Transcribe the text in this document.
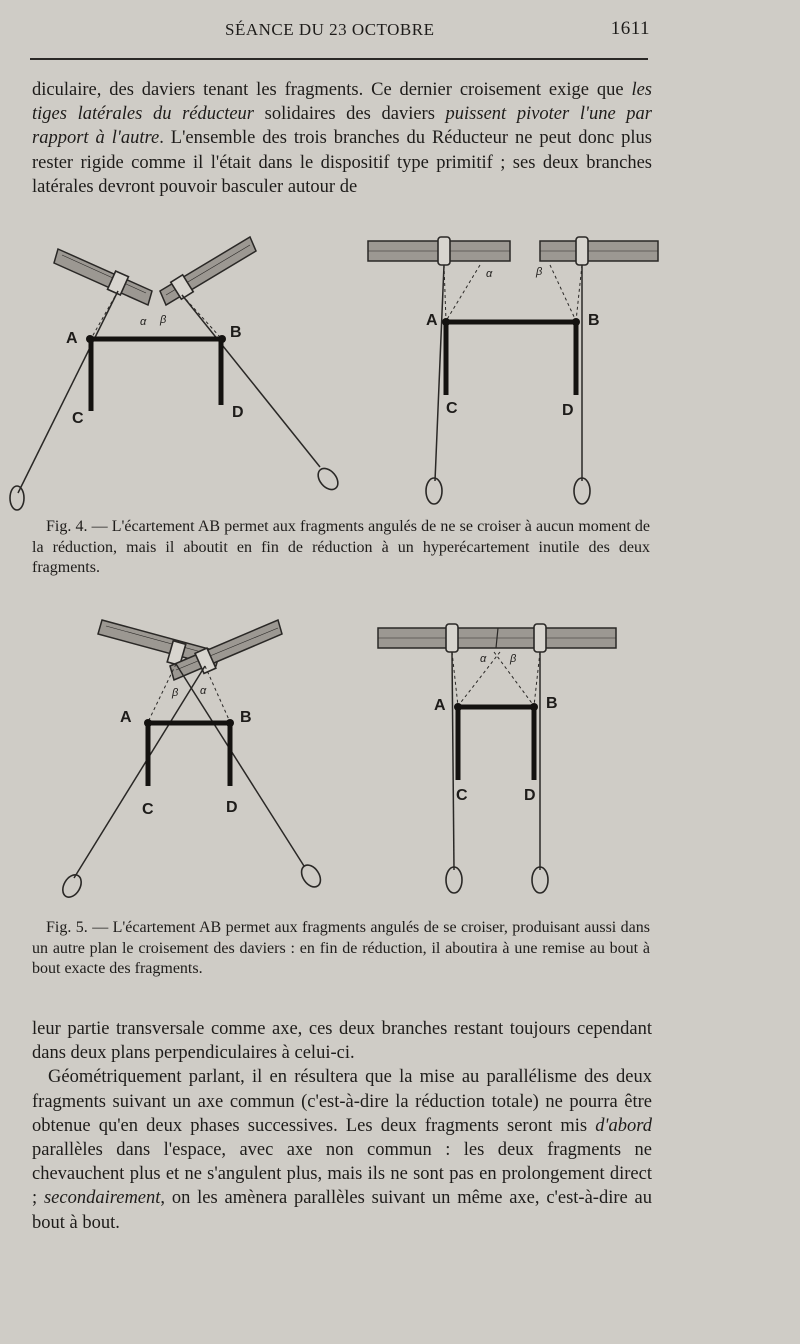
SÉANCE DU 23 OCTOBRE	1611

diculaire, des daviers tenant les fragments. Ce dernier croisement exige que les tiges latérales du réducteur solidaires des daviers puissent pivoter l'une par rapport à l'autre. L'ensemble des trois branches du Réducteur ne peut donc plus rester rigide comme il l'était dans le dispositif type primitif ; ses deux branches latérales devront pouvoir basculer autour de

A	B
C	D
α β	A	B
C	D
α	β

Fig. 4. — L'écartement AB permet aux fragments angulés de ne se croiser à aucun moment de la réduction, mais il aboutit en fin de réduction à un hyperécartement inutile des deux fragments.

A	B
C	D
β α
A	B
C	D
α β

Fig. 5. — L'écartement AB permet aux fragments angulés de se croiser, produisant aussi dans un autre plan le croisement des daviers : en fin de réduction, il aboutira à une remise au bout à bout exacte des fragments.

leur partie transversale comme axe, ces deux branches restant toujours cependant dans deux plans perpendiculaires à celui-ci.

Géométriquement parlant, il en résultera que la mise au parallélisme des deux fragments suivant un axe commun (c'est-à-dire la réduction totale) ne pourra être obtenue qu'en deux phases successives. Les deux fragments seront mis d'abord parallèles dans l'espace, avec axe non commun : les deux fragments ne chevauchent plus et ne s'angulent plus, mais ils ne sont pas en prolongement direct ; secondairement, on les amènera parallèles suivant un même axe, c'est-à-dire au bout à bout.
